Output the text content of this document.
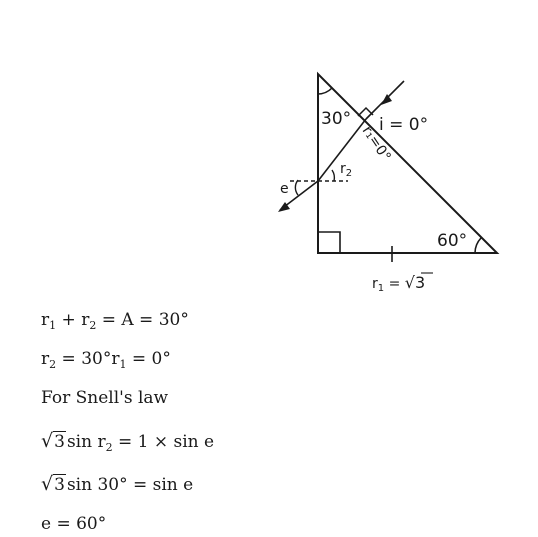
30° i = 0°
r₁=0°
$r_2$
e
60°
$r_1 = √3$
$r_1 + r_2 = A = 30^\circ$
$r_2 = 30^\circ r_1 = 0^\circ$
For Snell's law
√3 $\sin r_2 = 1 \times \sin e$
√3 sin 30° = sin e
e = 60°
